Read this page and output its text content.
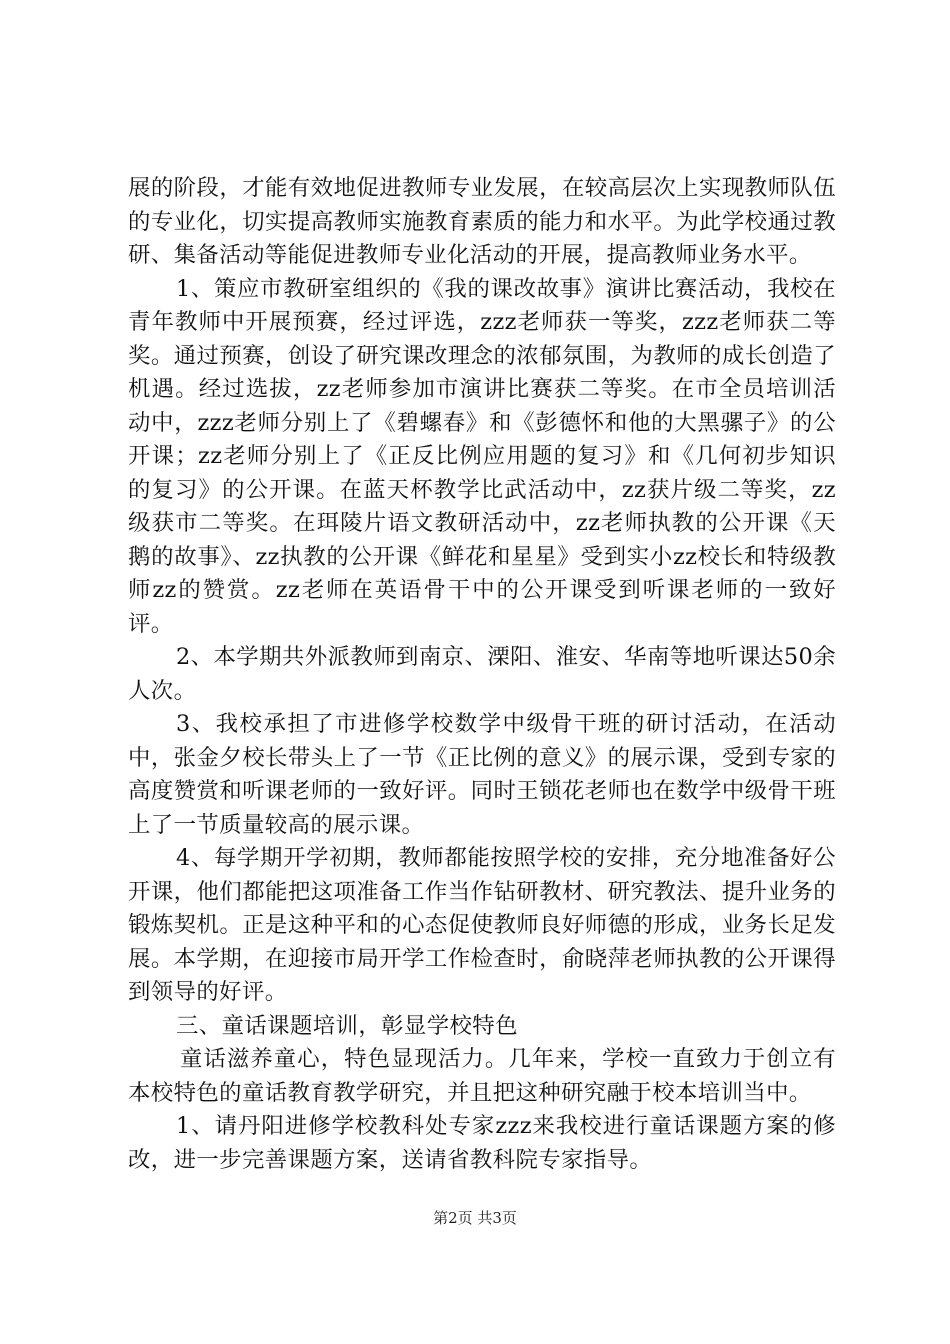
展的阶段，才能有效地促进教师专业发展，在较高层次上实现教师队伍的专业化，切实提高教师实施教育素质的能力和水平。为此学校通过教研、集备活动等能促进教师专业化活动的开展，提高教师业务水平。

1、策应市教研室组织的《我的课改故事》演讲比赛活动，我校在青年教师中开展预赛，经过评选，zzz老师获一等奖，zzz老师获二等奖。通过预赛，创设了研究课改理念的浓郁氛围，为教师的成长创造了机遇。经过选拔，zz老师参加市演讲比赛获二等奖。在市全员培训活动中，zzz老师分别上了《碧螺春》和《彭德怀和他的大黑骡子》的公开课；zz老师分别上了《正反比例应用题的复习》和《几何初步知识的复习》的公开课。在蓝天杯教学比武活动中，zz获片级二等奖，zz级获市二等奖。在珥陵片语文教研活动中，zz老师执教的公开课《天鹅的故事》、zz执教的公开课《鲜花和星星》受到实小zz校长和特级教师zz的赞赏。zz老师在英语骨干中的公开课受到听课老师的一致好评。

2、本学期共外派教师到南京、溧阳、淮安、华南等地听课达50余人次。

3、我校承担了市进修学校数学中级骨干班的研讨活动，在活动中，张金夕校长带头上了一节《正比例的意义》的展示课，受到专家的高度赞赏和听课老师的一致好评。同时王锁花老师也在数学中级骨干班上了一节质量较高的展示课。

4、每学期开学初期，教师都能按照学校的安排，充分地准备好公开课，他们都能把这项准备工作当作钻研教材、研究教法、提升业务的锻炼契机。正是这种平和的心态促使教师良好师德的形成，业务长足发展。本学期，在迎接市局开学工作检查时，俞晓萍老师执教的公开课得到领导的好评。

三、童话课题培训，彰显学校特色

童话滋养童心，特色显现活力。几年来，学校一直致力于创立有本校特色的童话教育教学研究，并且把这种研究融于校本培训当中。

1、请丹阳进修学校教科处专家zzz来我校进行童话课题方案的修改，进一步完善课题方案，送请省教科院专家指导。

第2页 共3页
